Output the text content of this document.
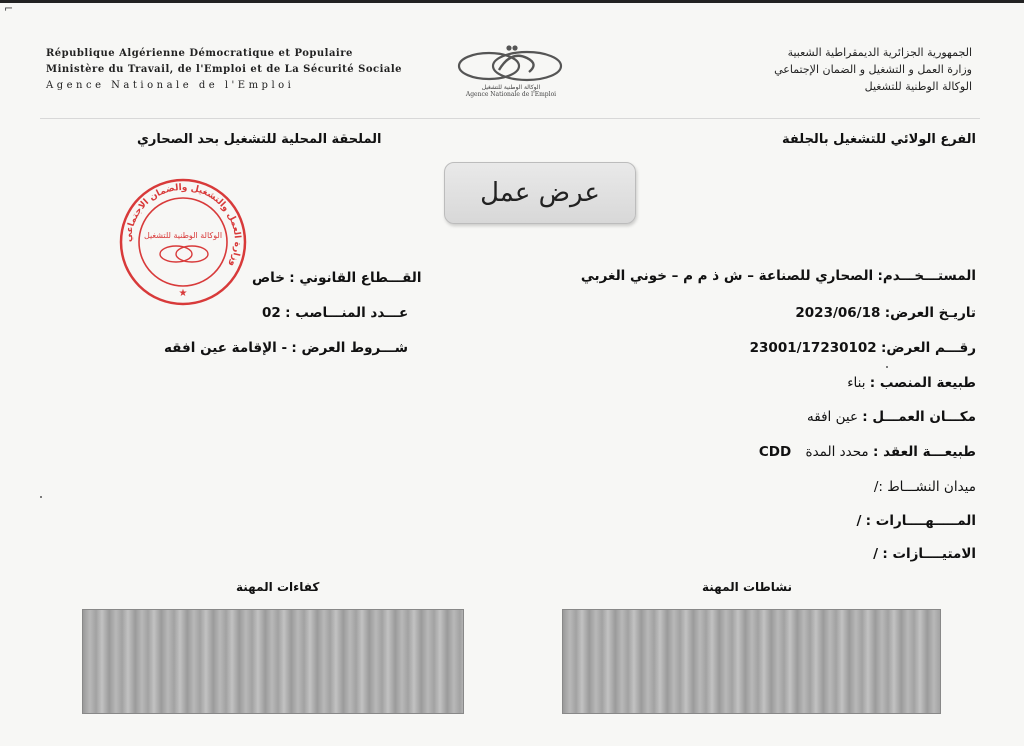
⌐
République Algérienne Démocratique et Populaire
Ministère du Travail, de l'Emploi et de La Sécurité Sociale
Agence Nationale de l'Emploi	الوكالة الوطنية للتشغيل
Agence Nationale de l'Emploi
الجمهورية الجزائرية الديمقراطية الشعبية
وزارة العمل و التشغيل و الضمان الإجتماعي
الوكالة الوطنية للتشغيل
الفرع الولائي للتشغيل بالجلفة
الملحقة المحلية للتشغيل بحد الصحاري
عرض عمل
وزارة العمل والتشغيل والضمان الاجتماعي
الوكالة الوطنية للتشغيل
★
المستـــخـــدم: الصحاري للصناعة – ش ذ م م – خوني الغربي
تاريـخ العرض: 2023/06/18
رقـــم العرض: 23001/17230102
طبيعة المنصب : بناء
مكـــان العمـــل : عين افقه
طبيعـــة العقد : محدد المدة CDD
ميدان النشـــاط :/
المـــــهــــارات : /
الامتيــــازات : /
القـــطاع القانوني : خاص
عـــدد المنـــاصب : 02
شـــروط العرض : - الإقامة عين افقه
نشاطات المهنة
كفاءات المهنة
